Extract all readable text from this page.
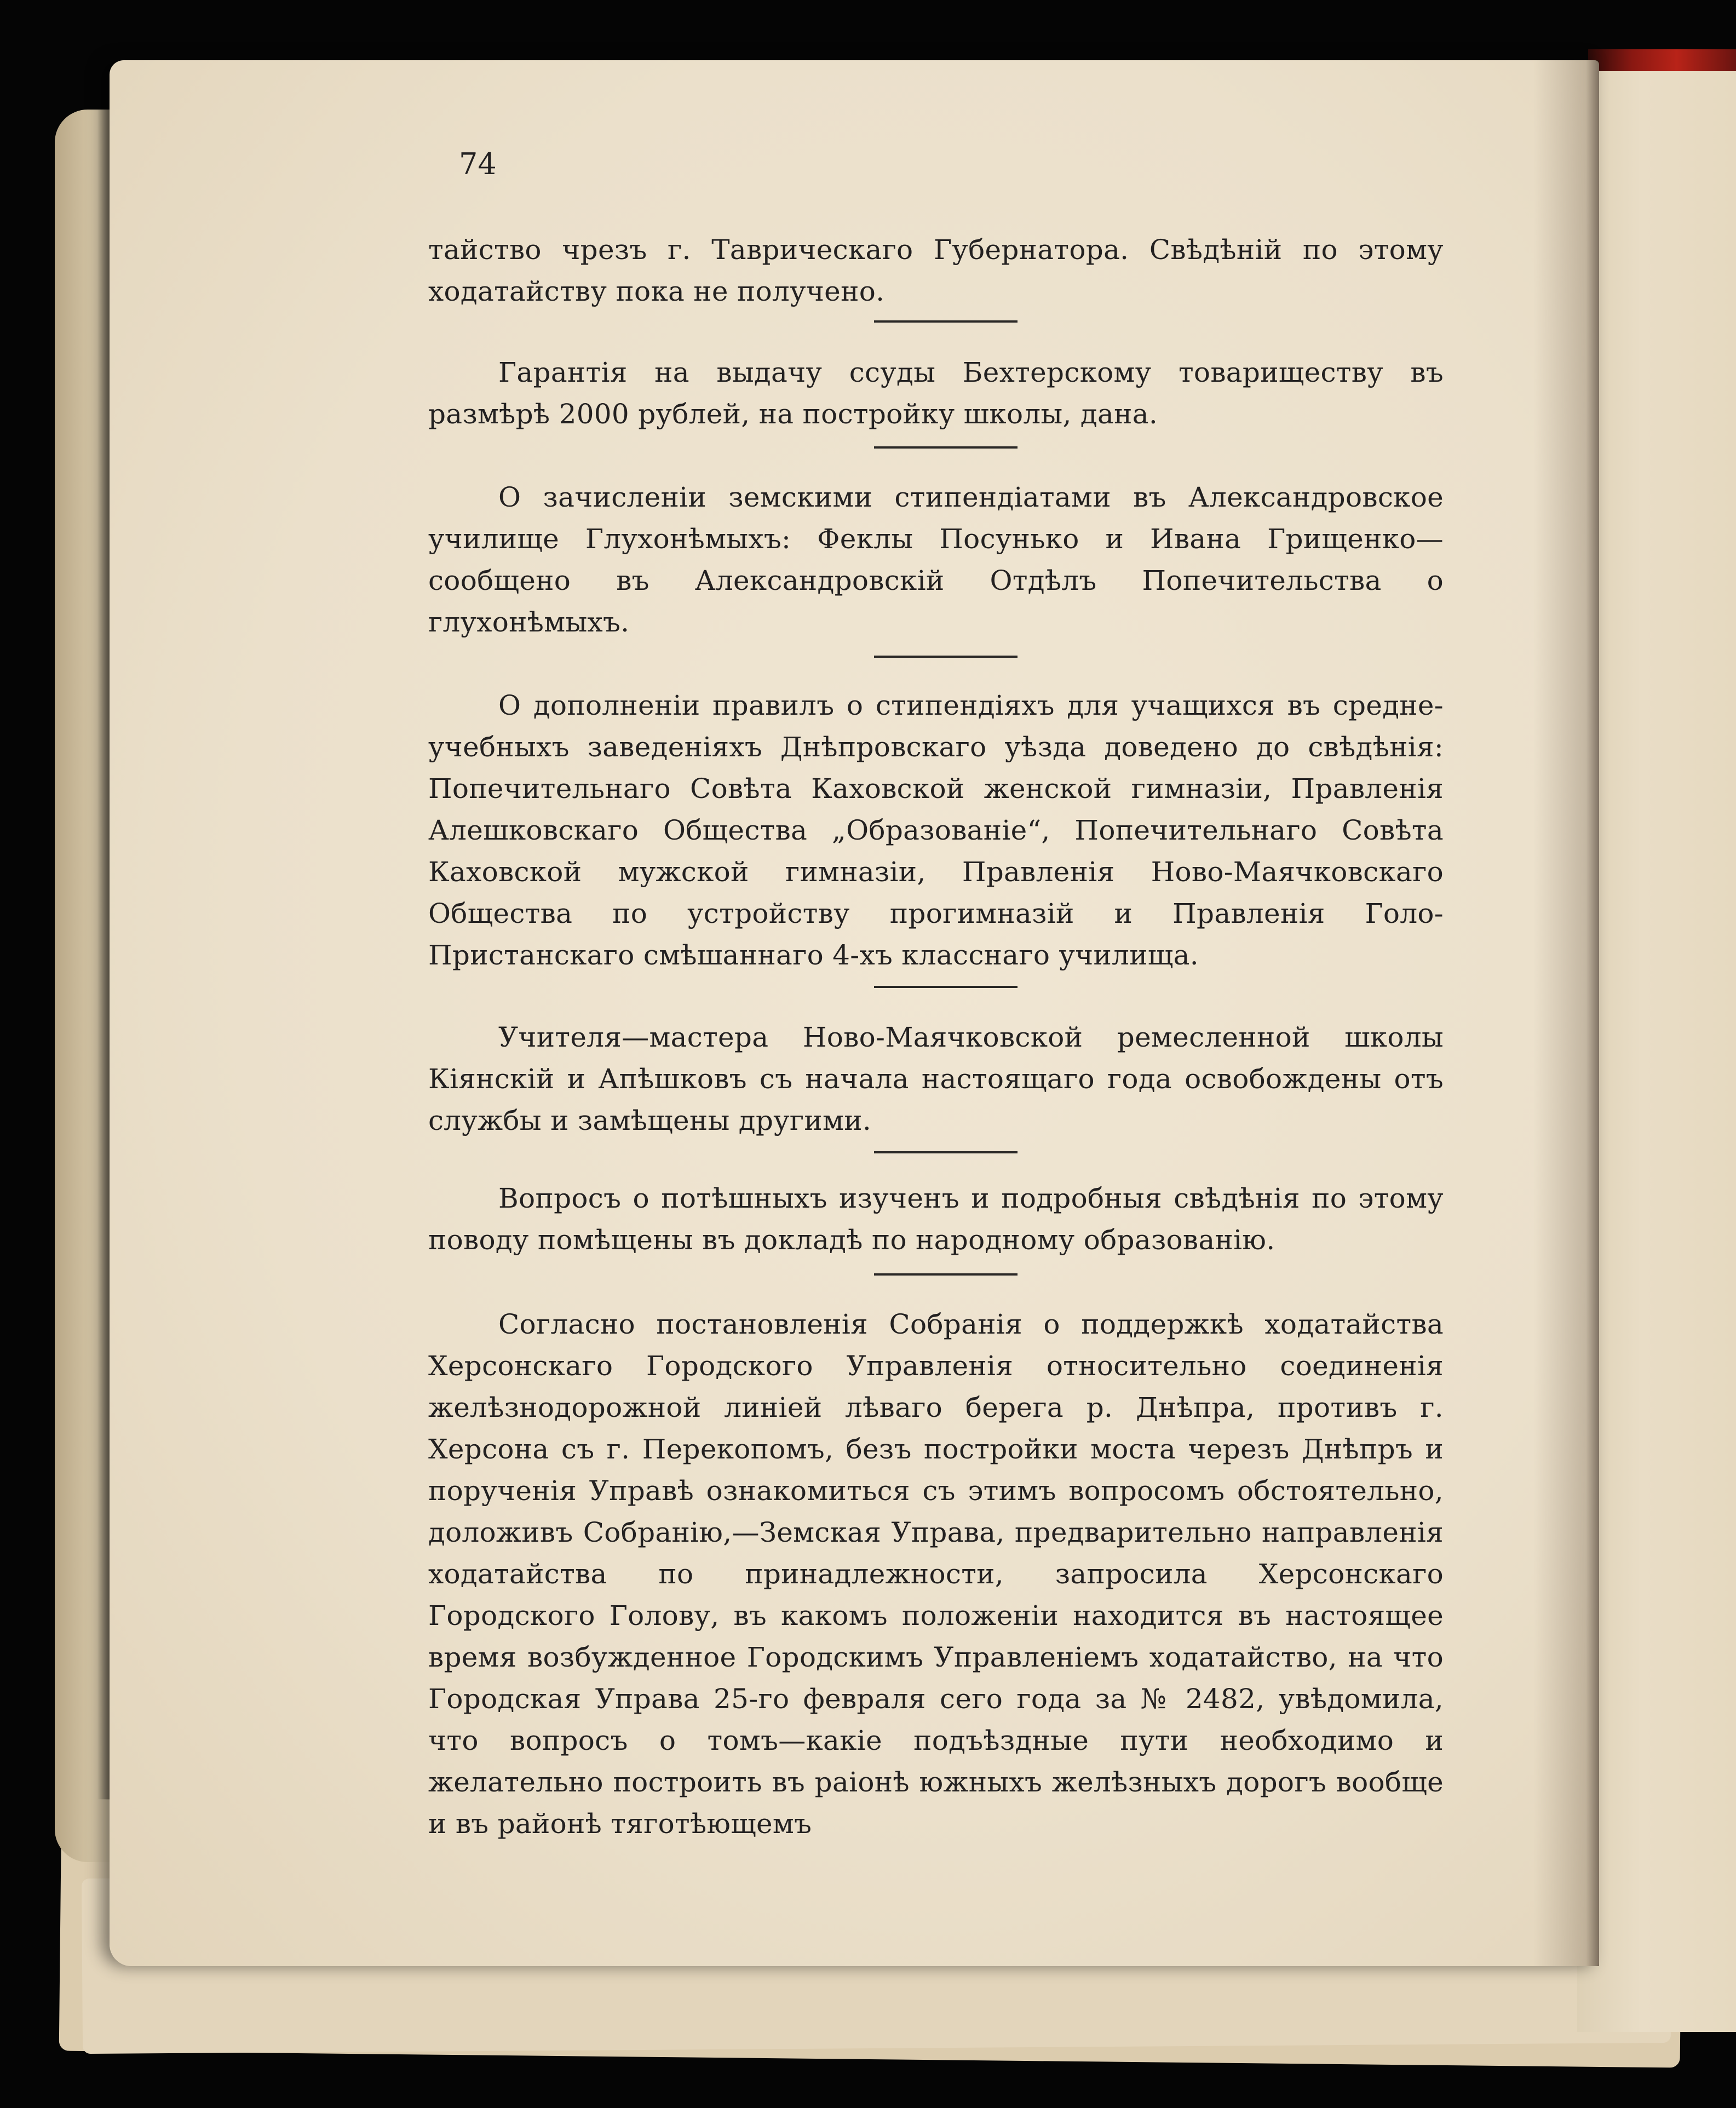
74

тайство чрезъ г. Таврическаго Губернатора. Свѣдѣній по этому ходатайству пока не получено.

Гарантія на выдачу ссуды Бехтерскому товариществу въ размѣрѣ 2000 рублей, на постройку школы, дана.

О зачисленіи земскими стипендіатами въ Александровское училище Глухонѣмыхъ: Феклы Посунько и Ивана Грищенко— сообщено въ Александровскій Отдѣлъ Попечительства о глухонѣмыхъ.

О дополненіи правилъ о стипендіяхъ для учащихся въ средне-учебныхъ заведеніяхъ Днѣпровскаго уѣзда доведено до свѣдѣнія: Попечительнаго Совѣта Каховской женской гимназіи, Правленія Алешковскаго Общества „Образованіе“, Попечительнаго Совѣта Каховской мужской гимназіи, Правленія Ново-Маячковскаго Общества по устройству прогимназій и Правленія Голо-Пристанскаго смѣшаннаго 4-хъ класснаго училища.

Учителя—мастера Ново-Маячковской ремесленной школы Кіянскій и Апѣшковъ съ начала настоящаго года освобождены отъ службы и замѣщены другими.

Вопросъ о потѣшныхъ изученъ и подробныя свѣдѣнія по этому поводу помѣщены въ докладѣ по народному образованію.

Согласно постановленія Собранія о поддержкѣ ходатайства Херсонскаго Городского Управленія относительно соединенія желѣзнодорожной линіей лѣваго берега р. Днѣпра, противъ г. Херсона съ г. Перекопомъ, безъ постройки моста черезъ Днѣпръ и порученія Управѣ ознакомиться съ этимъ вопросомъ обстоятельно, доложивъ Собранію,—Земская Управа, предварительно направленія ходатайства по принадлежности, запросила Херсонскаго Городского Голову, въ какомъ положеніи находится въ настоящее время возбужденное Городскимъ Управленіемъ ходатайство, на что Городская Управа 25-го февраля сего года за № 2482, увѣдомила, что вопросъ о томъ—какіе подъѣздные пути необходимо и желательно построить въ раіонѣ южныхъ желѣзныхъ дорогъ вообще и въ районѣ тяготѣющемъ
